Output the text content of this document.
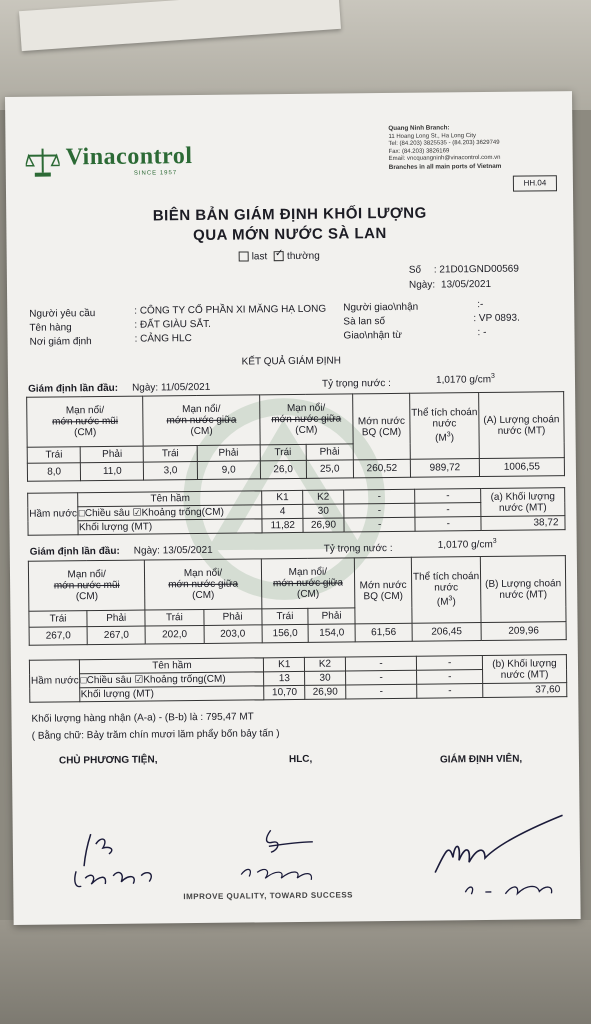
Vinacontrol
SINCE 1957
Quang Ninh Branch:
11 Hoang Long St., Ha Long City
Tel: (84.203) 3825535 - (84.203) 3629749
Fax: (84.203) 3826169
Email: vncquangninh@vinacontrol.com.vn
Branches in all main ports of Vietnam
HH.04
BIÊN BẢN GIÁM ĐỊNH KHỐI LƯỢNG
QUA MỚN NƯỚC SÀ LAN
last ✓ thường
Số : 21D01GND00569
Ngày: 13/05/2021
Người yêu cầu	: CÔNG TY CỔ PHẦN XI MĂNG HẠ LONG
Tên hàng	: ĐẤT GIÀU SẮT.
Nơi giám định	: CẢNG HLC
Người giao\nhận	:-
Sà lan số	: VP 0893.
Giao\nhận từ	: -
KẾT QUẢ GIÁM ĐỊNH
Giám định lần đầu: Ngày: 11/05/2021	Tỷ trọng nước :	1,0170 $g/cm^3$
Mạn nổi/
mớn nước mũi
(CM)		Mạn nổi/
mớn nước giữa
(CM)		Mạn nổi/
mớn nước giữa
(CM)		Mớn nước BQ (CM)	Thể tích choán nước
$(M^3)$	(A) Lượng choán nước (MT)
Trái	Phải	Trái	Phải	Trái	Phải			
8,0	11,0	3,0	9,0	26,0	25,0	260,52	989,72	1006,55
Hầm nước	Tên hầm	K1	K2	-	-	(a) Khối lượng nước (MT)
	□Chiều sâu ☑Khoảng trống(CM)	4	30	-	-	
	Khối lượng (MT)	11,82	26,90	-	-	38,72
Giám định lần đầu: Ngày: 13/05/2021	Tỷ trọng nước :	1,0170 $g/cm^3$
Mạn nổi/
mớn nước mũi
(CM)		Mạn nổi/
mớn nước giữa
(CM)		Mạn nổi/
mớn nước giữa
(CM)		Mớn nước BQ (CM)	Thể tích choán nước
$(M^3)$	(B) Lượng choán nước (MT)
Trái	Phải	Trái	Phải	Trái	Phải			
267,0	267,0	202,0	203,0	156,0	154,0	61,56	206,45	209,96
Hầm nước	Tên hầm	K1	K2	-	-	(b) Khối lượng nước (MT)
	□Chiều sâu ☑Khoảng trống(CM)	13	30	-	-	
	Khối lượng (MT)	10,70	26,90	-	-	37,60
Khối lượng hàng nhận (A-a) - (B-b) là : 795,47 MT
( Bằng chữ: Bảy trăm chín mươi lăm phẩy bốn bảy tấn )
CHỦ PHƯƠNG TIỆN,	HLC,	GIÁM ĐỊNH VIÊN,
IMPROVE QUALITY, TOWARD SUCCESS
